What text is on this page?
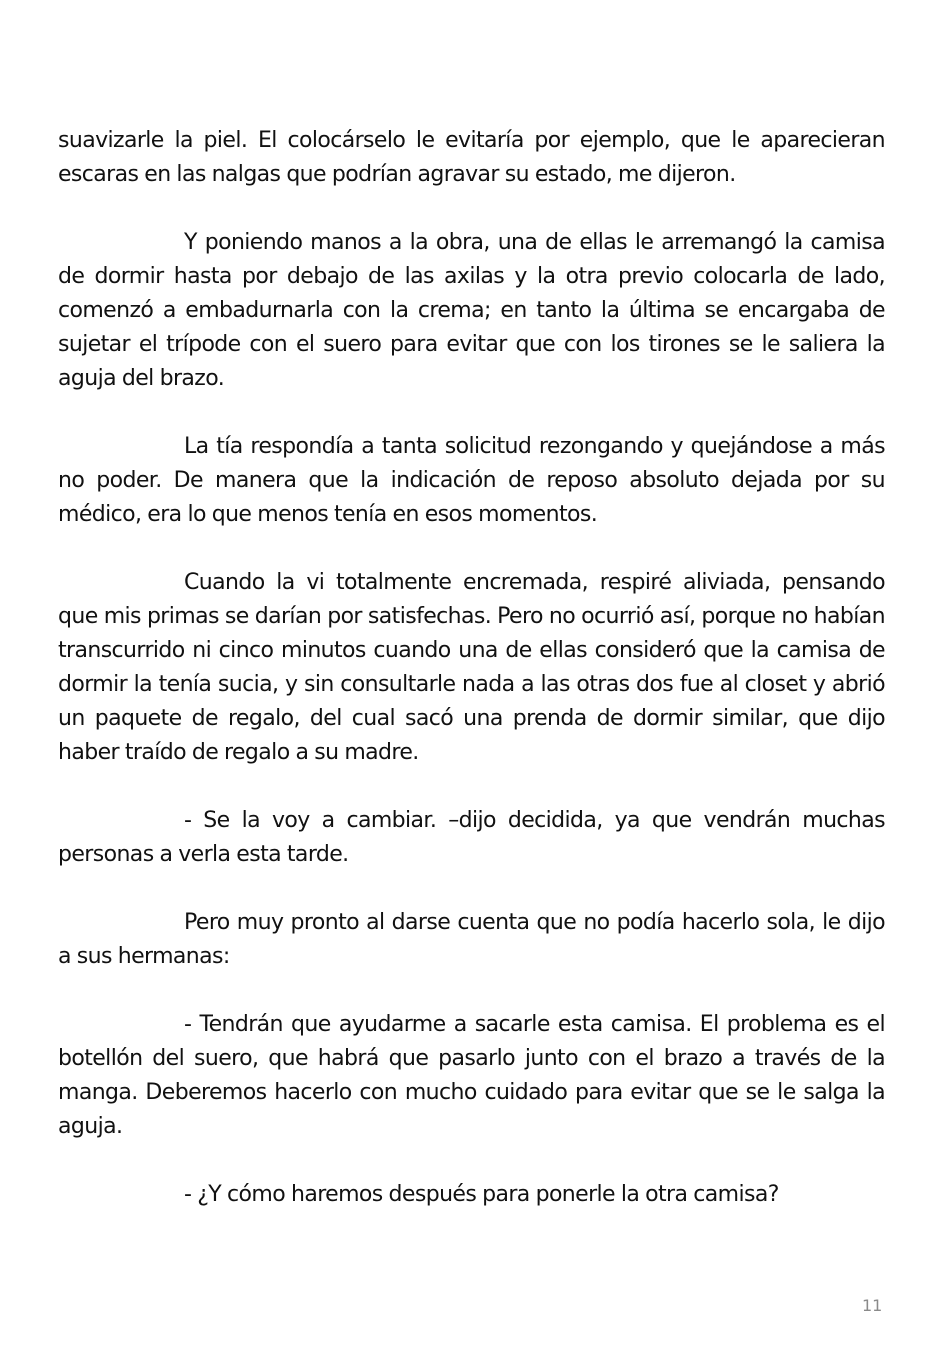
suavizarle la piel. El colocárselo le evitaría por ejemplo, que le aparecieran escaras en las nalgas que podrían agravar su estado, me dijeron.

Y poniendo manos a la obra, una de ellas le arremangó la camisa de dormir hasta por debajo de las axilas y la otra previo colocarla de lado, comenzó a embadurnarla con la crema; en tanto la última se encargaba de sujetar el trípode con el suero para evitar que con los tirones se le saliera la aguja del brazo.

La tía respondía a tanta solicitud rezongando y quejándose a más no poder. De manera que la indicación de reposo absoluto dejada por su médico, era lo que menos tenía en esos momentos.

Cuando la vi totalmente encremada, respiré aliviada, pensando que mis primas se darían por satisfechas. Pero no ocurrió así, porque no habían transcurrido ni cinco minutos cuando una de ellas consideró que la camisa de dormir la tenía sucia, y sin consultarle nada a las otras dos fue al closet y abrió un paquete de regalo, del cual sacó una prenda de dormir similar, que dijo haber traído de regalo a su madre.

- Se la voy a cambiar. –dijo decidida, ya que vendrán muchas personas a verla esta tarde.

Pero muy pronto al darse cuenta que no podía hacerlo sola, le dijo a sus hermanas:

- Tendrán que ayudarme a sacarle esta camisa. El problema es el botellón del suero, que habrá que pasarlo junto con el brazo a través de la manga. Deberemos hacerlo con mucho cuidado para evitar que se le salga la aguja.

- ¿Y cómo haremos después para ponerle la otra camisa?

11
